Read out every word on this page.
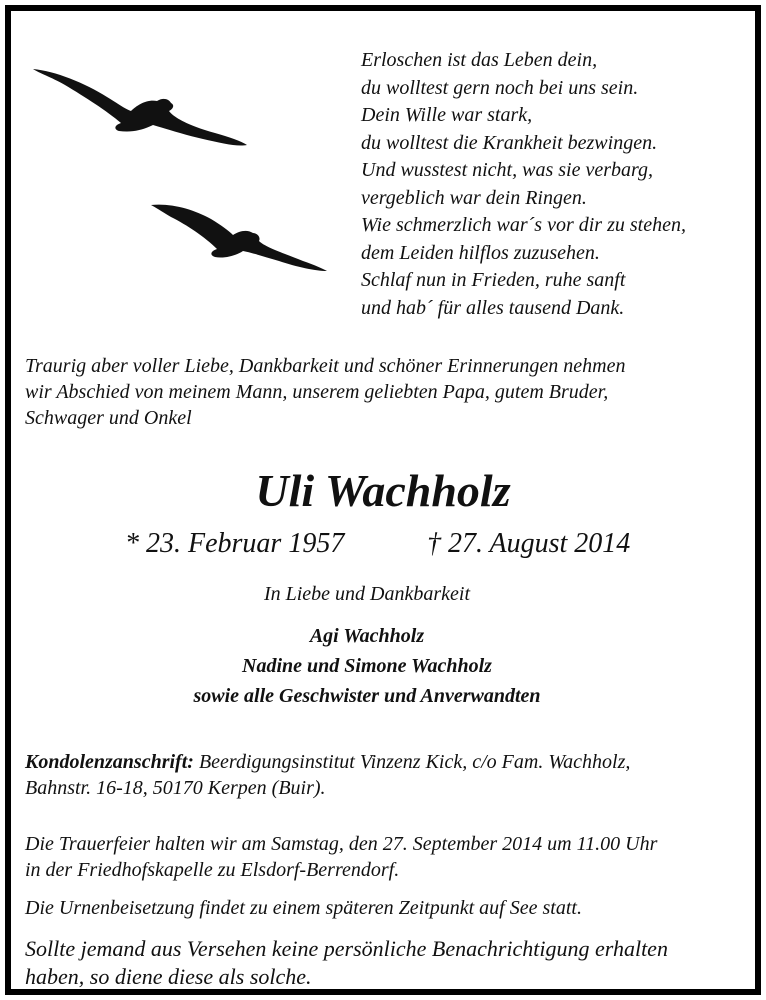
Erloschen ist das Leben dein,
du wolltest gern noch bei uns sein.
Dein Wille war stark,
du wolltest die Krankheit bezwingen.
Und wusstest nicht, was sie verbarg,
vergeblich war dein Ringen.
Wie schmerzlich war´s vor dir zu stehen,
dem Leiden hilflos zuzusehen.
Schlaf nun in Frieden, ruhe sanft
und hab´ für alles tausend Dank.
Traurig aber voller Liebe, Dankbarkeit und schöner Erinnerungen nehmen
wir Abschied von meinem Mann, unserem geliebten Papa, gutem Bruder,
Schwager und Onkel
Uli Wachholz
* 23. Februar 1957	† 27. August 2014
In Liebe und Dankbarkeit
Agi Wachholz
Nadine und Simone Wachholz
sowie alle Geschwister und Anverwandten
Kondolenzanschrift: Beerdigungsinstitut Vinzenz Kick, c/o Fam. Wachholz,
Bahnstr. 16-18, 50170 Kerpen (Buir).
Die Trauerfeier halten wir am Samstag, den 27. September 2014 um 11.00 Uhr
in der Friedhofskapelle zu Elsdorf-Berrendorf.
Die Urnenbeisetzung findet zu einem späteren Zeitpunkt auf See statt.
Sollte jemand aus Versehen keine persönliche Benachrichtigung erhalten
haben, so diene diese als solche.
